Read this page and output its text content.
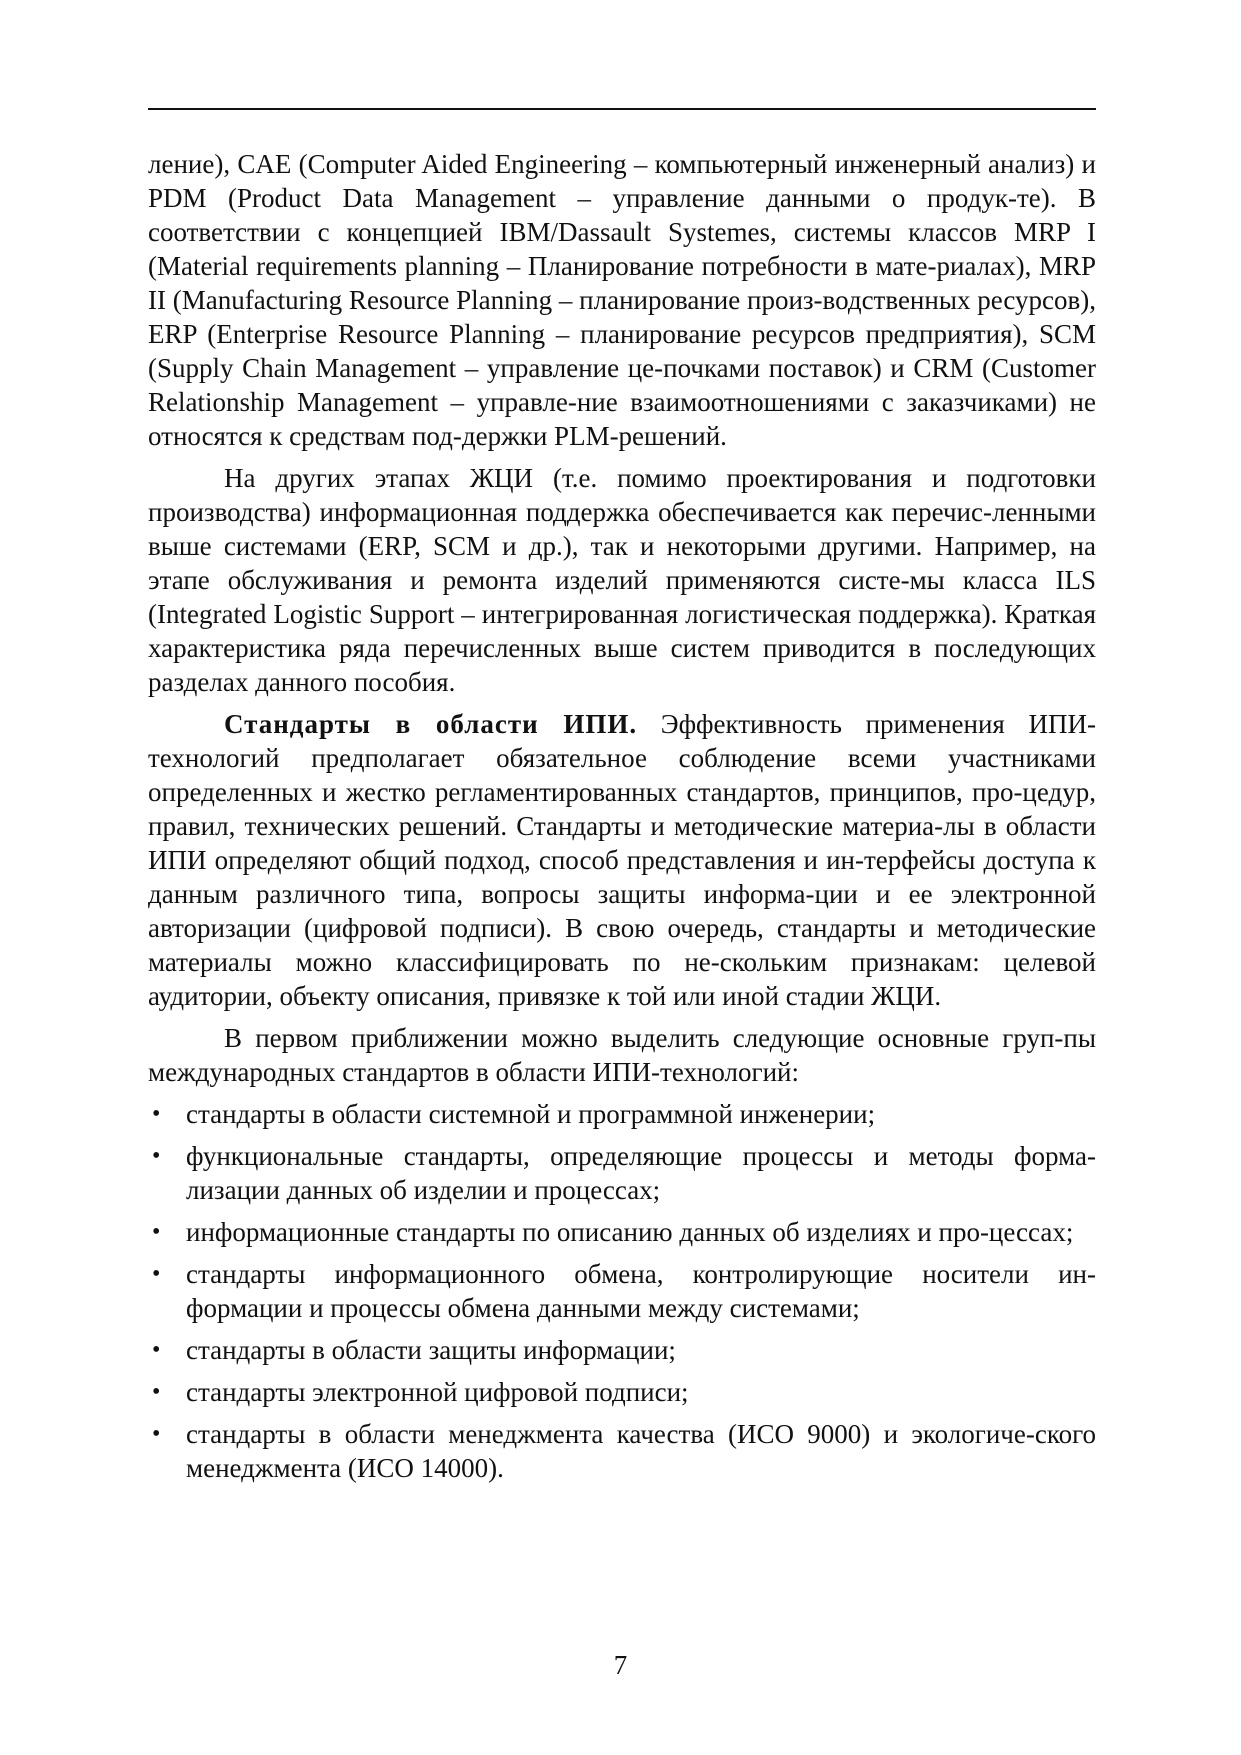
ление), CAE (Computer Aided Engineering – компьютерный инженерный анализ) и PDM (Product Data Management – управление данными о продук-те). В соответствии с концепцией IBM/Dassault Systemes, системы классов MRP I (Material requirements planning – Планирование потребности в мате-риалах), MRP II (Manufacturing Resource Planning – планирование произ-водственных ресурсов), ERP (Enterprise Resource Planning – планирование ресурсов предприятия), SCM (Supply Chain Management – управление це-почками поставок) и CRM (Customer Relationship Management – управле-ние взаимоотношениями с заказчиками) не относятся к средствам под-держки PLM-решений.

На других этапах ЖЦИ (т.е. помимо проектирования и подготовки производства) информационная поддержка обеспечивается как перечис-ленными выше системами (ERP, SCM и др.), так и некоторыми другими. Например, на этапе обслуживания и ремонта изделий применяются систе-мы класса ILS (Integrated Logistic Support – интегрированная логистическая поддержка). Краткая характеристика ряда перечисленных выше систем приводится в последующих разделах данного пособия.

Стандарты в области ИПИ. Эффективность применения ИПИ-технологий предполагает обязательное соблюдение всеми участниками определенных и жестко регламентированных стандартов, принципов, про-цедур, правил, технических решений. Стандарты и методические материа-лы в области ИПИ определяют общий подход, способ представления и ин-терфейсы доступа к данным различного типа, вопросы защиты информа-ции и ее электронной авторизации (цифровой подписи). В свою очередь, стандарты и методические материалы можно классифицировать по не-скольким признакам: целевой аудитории, объекту описания, привязке к той или иной стадии ЖЦИ.

В первом приближении можно выделить следующие основные груп-пы международных стандартов в области ИПИ-технологий:

• стандарты в области системной и программной инженерии;
• функциональные стандарты, определяющие процессы и методы форма-лизации данных об изделии и процессах;
• информационные стандарты по описанию данных об изделиях и про-цессах;
• стандарты информационного обмена, контролирующие носители ин-формации и процессы обмена данными между системами;
• стандарты в области защиты информации;
• стандарты электронной цифровой подписи;
• стандарты в области менеджмента качества (ИСО 9000) и экологиче-ского менеджмента (ИСО 14000).
7
